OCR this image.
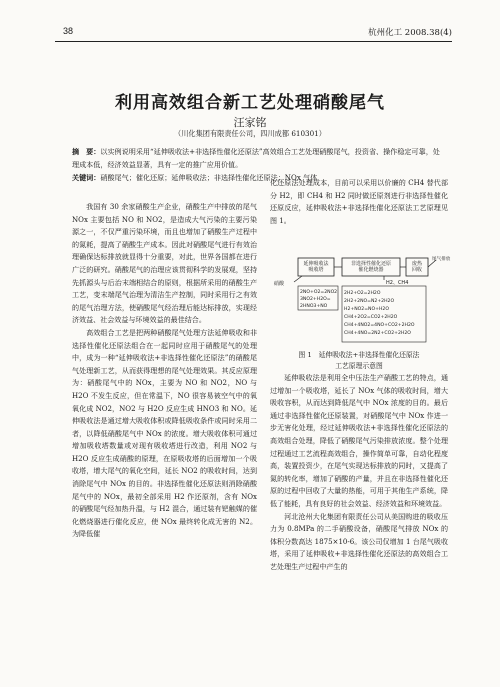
38	杭州化工 2008.38(4)
利用高效组合新工艺处理硝酸尾气
汪家铭
（川化集团有限责任公司，四川成都 610301）
摘　要：以实例说明采用“延伸吸收法+非选择性催化还原法”高效组合工艺处理硝酸尾气，投资省、操作稳定可靠，处理成本低，经济效益显著，具有一定的推广应用价值。
关键词：硝酸尾气；催化还原；延伸吸收法；非选择性催化还原法；NOx 气体

我国有 30 余家硝酸生产企业，硝酸生产中排放的尾气 NOx 主要包括 NO 和 NO2，是造成大气污染的主要污染源之一，不仅严重污染环境，而且也增加了硝酸生产过程中的氮耗，提高了硝酸生产成本。因此对硝酸尾气进行有效治理确保达标排放就显得十分重要，对此，世界各国都在进行广泛的研究。硝酸尾气的治理应该贯彻科学的发展观，坚持先抓源头与后治末端相结合的原则，根据所采用的硝酸生产工艺，变末端尾气治理为清洁生产控制，同时采用行之有效的尾气治理方法，使硝酸尾气经治理后能达标排放，实现经济效益、社会效益与环境效益的最佳结合。

高效组合工艺是把两种硝酸尾气处理方法延伸吸收和非选择性催化还原法组合在一起同时应用于硝酸尾气的处理中，成为一种“延伸吸收法+非选择性催化还原法”的硝酸尾气处理新工艺，从而获得理想的尾气处理效果。其反应原理为：硝酸尾气中的 NOx，主要为 NO 和 NO2，NO 与 H2O 不发生反应，但在常温下，NO 很容易被空气中的氧氧化成 NO2，NO2 与 H2O 反应生成 HNO3 和 NO。延伸吸收法是通过增大吸收体积或降低吸收条件或同时采用二者，以降低硝酸尾气中 NOx 的浓度。增大吸收体积可通过增加吸收塔数量或对现有吸收塔进行改造，利用 NO2 与 H2O 反应生成硝酸的原理，在原吸收塔的后面增加一个吸收塔，增大尾气的氧化空间，延长 NO2 的吸收时间，达到消除尾气中 NOx 的目的。非选择性催化还原法则消除硝酸尾气中的 NOx，最初全部采用 H2 作还原剂，含有 NOx 的硝酸尾气经加热升温，与 H2 混合，通过装有钯触媒的催化燃烧器进行催化反应，使 NOx 最终转化成无害的 N2。为降低催

化还原法处理成本，目前可以采用以价廉的 CH4 替代部分 H2，即 CH4 和 H2 同时做还原剂进行非选择性催化还原反应，延伸吸收法+非选择性催化还原法工艺原理见图 1。

延伸吸收法吸收塔
非选择性催化还原催化燃烧器
废热回收
尾气排放
硝酸	H2、CH4
2NO+O2=2NO2
3NO2+H2O=
2HNO3+NO
2H2+O2=2H2O
2H2+2NO=N2+2H2O
H2+NO2=NO+H2O
CH4+2O2=CO2+2H2O
CH4+4NO2=4NO+CO2+2H2O
CH4+4NO=2N2+CO2+2H2O
图 1　延伸吸收法+非选择性催化还原法
工艺原理示意图

延伸吸收法是利用全中压法生产硝酸工艺的特点，通过增加一个吸收塔，延长了 NOx 气体的吸收时间，增大吸收容积，从而达到降低尾气中 NOx 浓度的目的。最后通过非选择性催化还原装置，对硝酸尾气中 NOx 作进一步无害化处理，经过延伸吸收法+非选择性催化还原法的高效组合处理，降低了硝酸尾气污染排放浓度。整个处理过程通过工艺流程高效组合，操作简单可靠，自动化程度高，装置投资少，在尾气实现达标排放的同时，又提高了氮的转化率，增加了硝酸的产量，并且在非选择性催化还原的过程中回收了大量的热能，可用于其他生产系统，降低了能耗，具有良好的社会效益、经济效益和环境效益。

河北沧州大化集团有限责任公司从美国购进的吸收压力为 0.8MPa 的二手硝酸设备，硝酸尾气排放 NOx 的体积分数高达 1875×10-6。该公司仅增加 1 台尾气吸收塔，采用了延伸吸收+非选择性催化还原法的高效组合工艺处理生产过程中产生的
